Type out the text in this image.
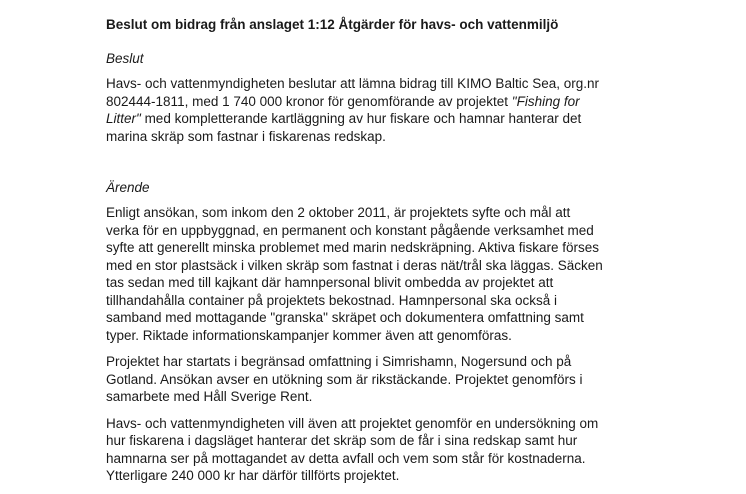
Beslut om bidrag från anslaget 1:12 Åtgärder för havs- och vattenmiljö
Beslut
Havs- och vattenmyndigheten beslutar att lämna bidrag till KIMO Baltic Sea, org.nr
802444-1811, med 1 740 000 kronor för genomförande av projektet "Fishing for
Litter" med kompletterande kartläggning av hur fiskare och hamnar hanterar det
marina skräp som fastnar i fiskarenas redskap.
Ärende
Enligt ansökan, som inkom den 2 oktober 2011, är projektets syfte och mål att
verka för en uppbyggnad, en permanent och konstant pågående verksamhet med
syfte att generellt minska problemet med marin nedskräpning. Aktiva fiskare förses
med en stor plastsäck i vilken skräp som fastnat i deras nät/trål ska läggas. Säcken
tas sedan med till kajkant där hamnpersonal blivit ombedda av projektet att
tillhandahålla container på projektets bekostnad. Hamnpersonal ska också i
samband med mottagande "granska" skräpet och dokumentera omfattning samt
typer. Riktade informationskampanjer kommer även att genomföras.
Projektet har startats i begränsad omfattning i Simrishamn, Nogersund och på
Gotland. Ansökan avser en utökning som är rikstäckande. Projektet genomförs i
samarbete med Håll Sverige Rent.
Havs- och vattenmyndigheten vill även att projektet genomför en undersökning om
hur fiskarena i dagsläget hanterar det skräp som de får i sina redskap samt hur
hamnarna ser på mottagandet av detta avfall och vem som står för kostnaderna.
Ytterligare 240 000 kr har därför tillförts projektet.
